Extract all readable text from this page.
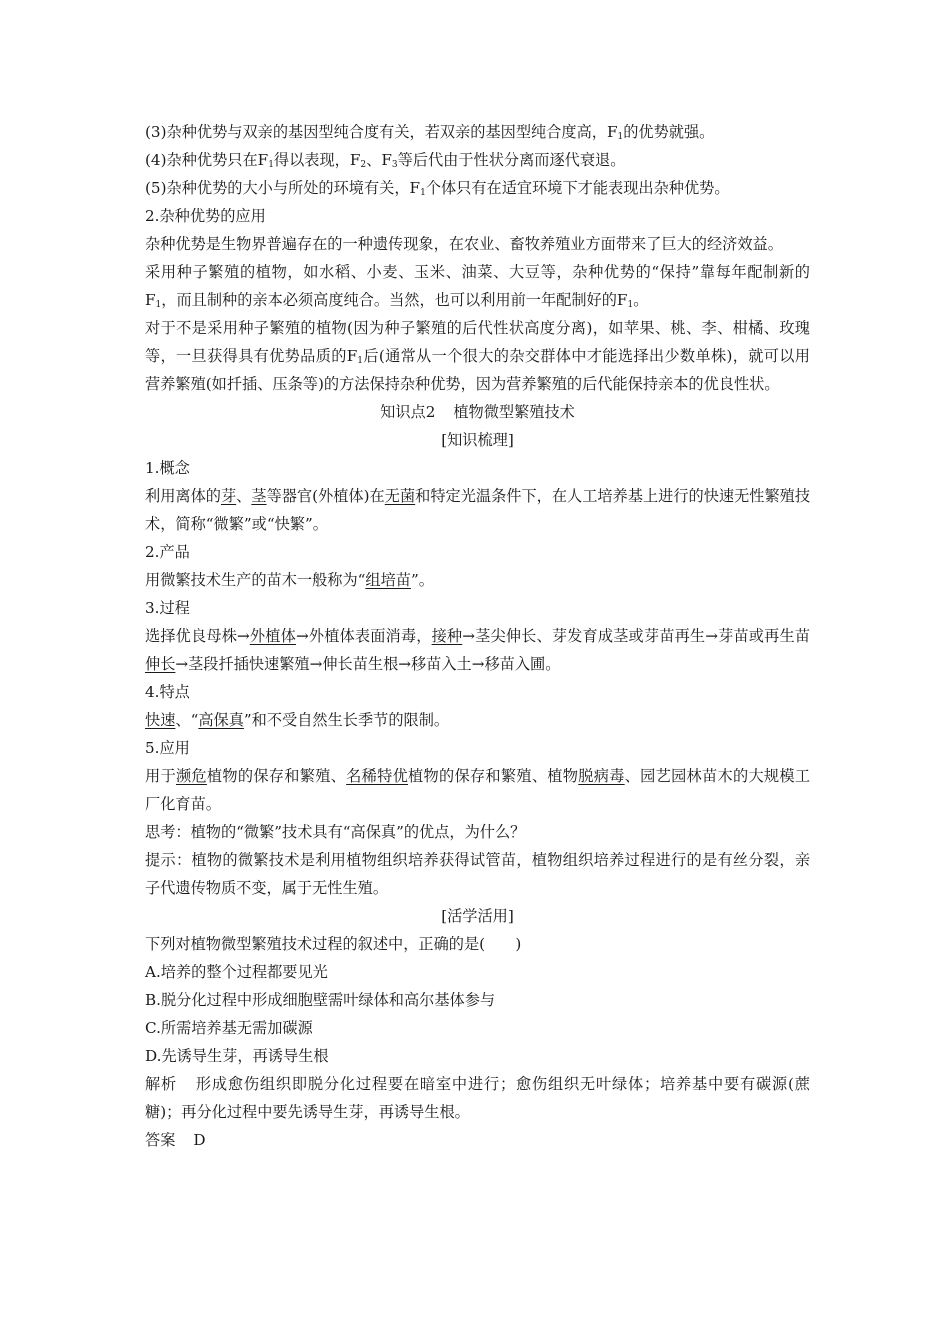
(3)杂种优势与双亲的基因型纯合度有关，若双亲的基因型纯合度高，$F_1$的优势就强。

(4)杂种优势只在$F_1$得以表现，$F_2$、$F_3$等后代由于性状分离而逐代衰退。

(5)杂种优势的大小与所处的环境有关，$F_1$个体只有在适宜环境下才能表现出杂种优势。

2.杂种优势的应用

杂种优势是生物界普遍存在的一种遗传现象，在农业、畜牧养殖业方面带来了巨大的经济效益。

采用种子繁殖的植物，如水稻、小麦、玉米、油菜、大豆等，杂种优势的“保持”靠每年配制新的$F_1$，而且制种的亲本必须高度纯合。当然，也可以利用前一年配制好的$F_1$。

对于不是采用种子繁殖的植物(因为种子繁殖的后代性状高度分离)，如苹果、桃、李、柑橘、玫瑰等，一旦获得具有优势品质的$F_1$后(通常从一个很大的杂交群体中才能选择出少数单株)，就可以用营养繁殖(如扦插、压条等)的方法保持杂种优势，因为营养繁殖的后代能保持亲本的优良性状。

知识点2 植物微型繁殖技术

[知识梳理]

1.概念

利用离体的芽、茎等器官(外植体)在无菌和特定光温条件下，在人工培养基上进行的快速无性繁殖技术，简称“微繁”或“快繁”。

2.产品

用微繁技术生产的苗木一般称为“组培苗”。

3.过程

选择优良母株→外植体→外植体表面消毒，接种→茎尖伸长、芽发育成茎或芽苗再生→芽苗或再生苗伸长→茎段扦插快速繁殖→伸长苗生根→移苗入土→移苗入圃。

4.特点

快速、“高保真”和不受自然生长季节的限制。

5.应用

用于濒危植物的保存和繁殖、名稀特优植物的保存和繁殖、植物脱病毒、园艺园林苗木的大规模工厂化育苗。

思考：植物的“微繁”技术具有“高保真”的优点，为什么？

提示：植物的微繁技术是利用植物组织培养获得试管苗，植物组织培养过程进行的是有丝分裂，亲子代遗传物质不变，属于无性生殖。

[活学活用]

下列对植物微型繁殖技术过程的叙述中，正确的是(　　)

A.培养的整个过程都要见光

B.脱分化过程中形成细胞壁需叶绿体和高尔基体参与

C.所需培养基无需加碳源

D.先诱导生芽，再诱导生根

解析 形成愈伤组织即脱分化过程要在暗室中进行；愈伤组织无叶绿体；培养基中要有碳源(蔗糖)；再分化过程中要先诱导生芽，再诱导生根。

答案 D
